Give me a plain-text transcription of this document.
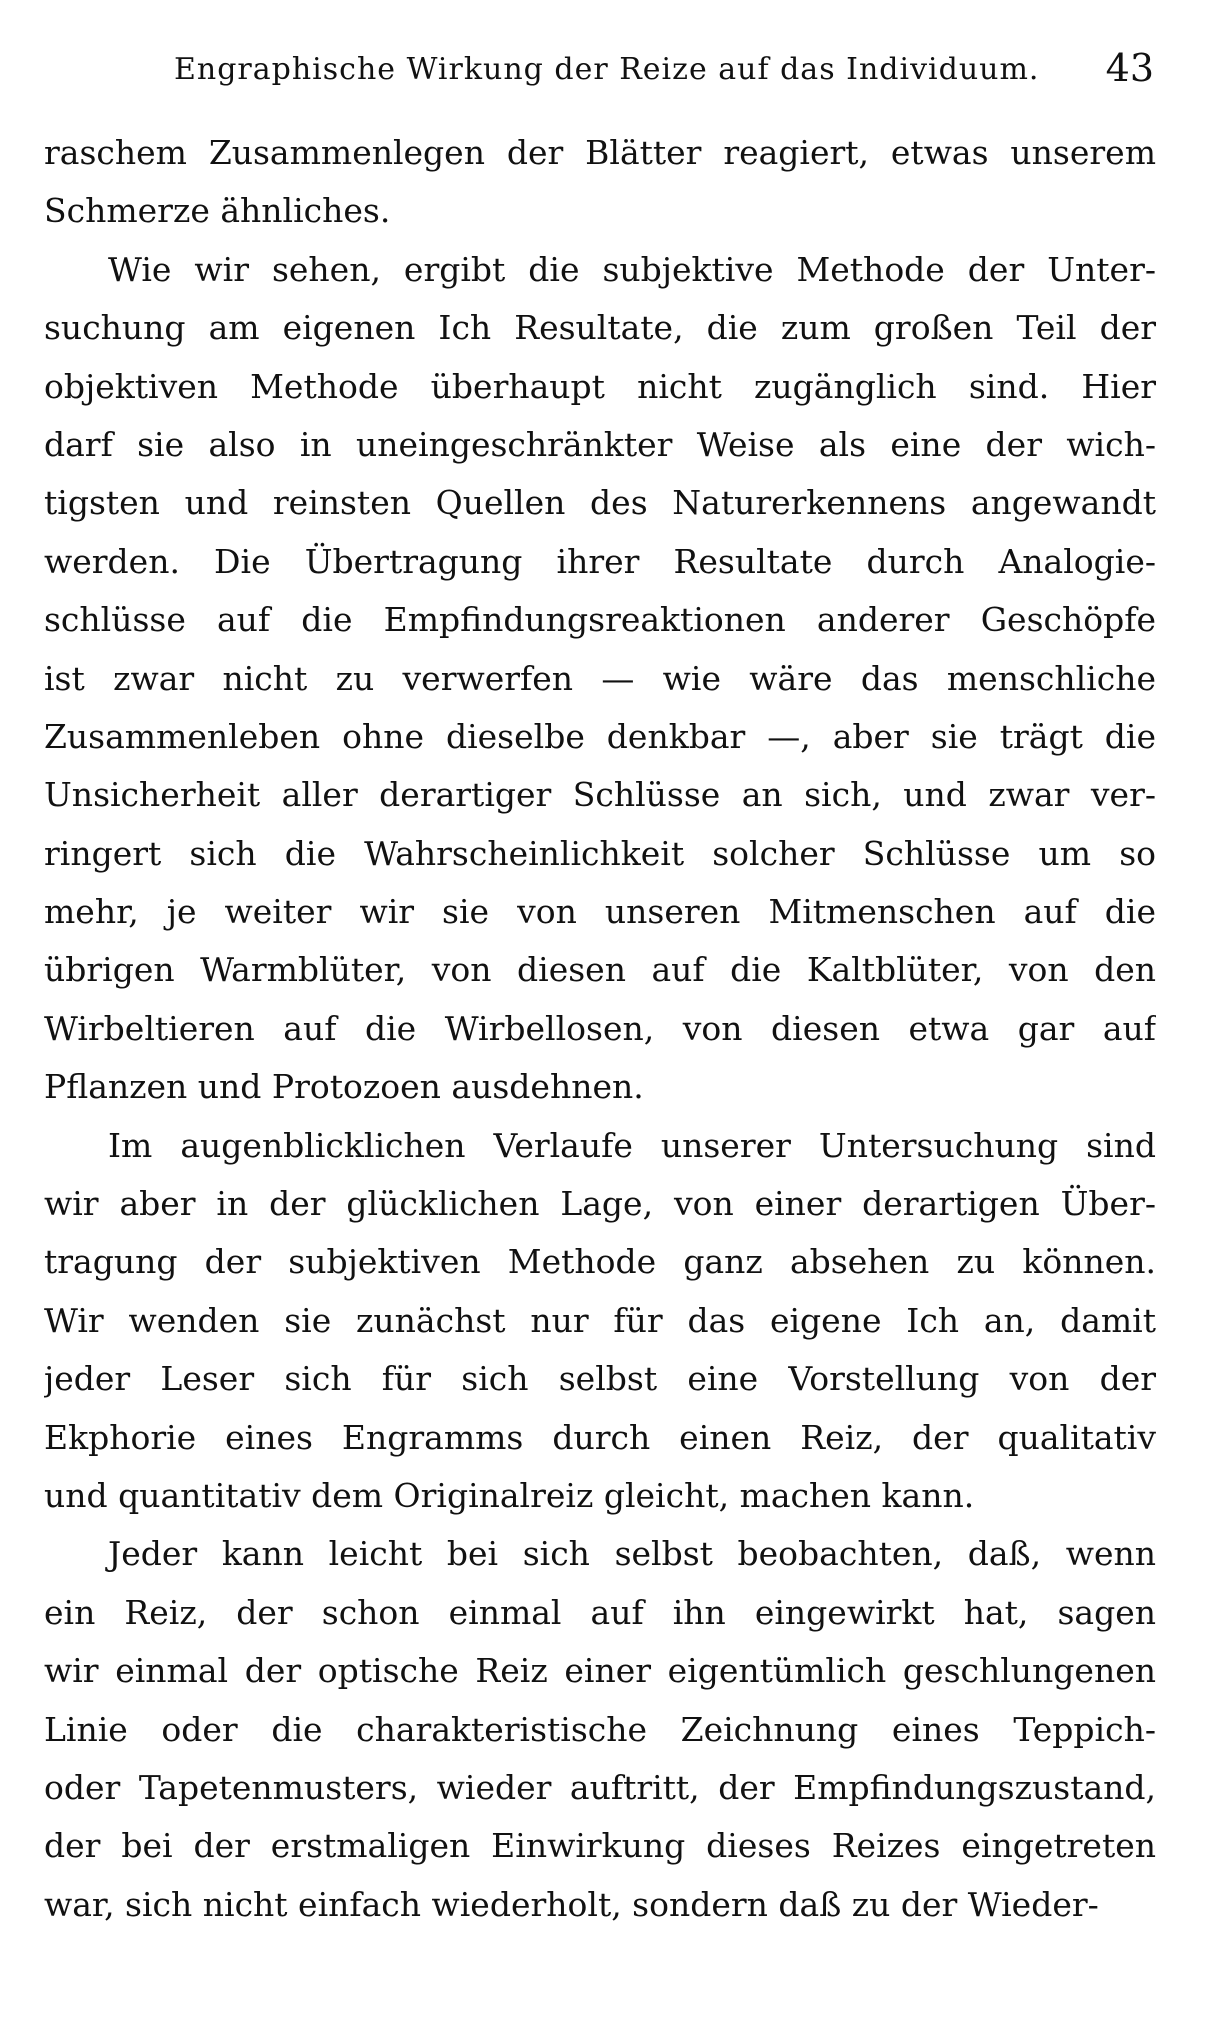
Engraphische Wirkung der Reize auf das Individuum. 43
raschem Zusammenlegen der Blätter reagiert, etwas unserem
Schmerze ähnliches.
Wie wir sehen, ergibt die subjektive Methode der Unter-
suchung am eigenen Ich Resultate, die zum großen Teil der
objektiven Methode überhaupt nicht zugänglich sind. Hier
darf sie also in uneingeschränkter Weise als eine der wich-
tigsten und reinsten Quellen des Naturerkennens angewandt
werden. Die Übertragung ihrer Resultate durch Analogie-
schlüsse auf die Empfindungsreaktionen anderer Geschöpfe
ist zwar nicht zu verwerfen — wie wäre das menschliche
Zusammenleben ohne dieselbe denkbar —, aber sie trägt die
Unsicherheit aller derartiger Schlüsse an sich, und zwar ver-
ringert sich die Wahrscheinlichkeit solcher Schlüsse um so
mehr, je weiter wir sie von unseren Mitmenschen auf die
übrigen Warmblüter, von diesen auf die Kaltblüter, von den
Wirbeltieren auf die Wirbellosen, von diesen etwa gar auf
Pflanzen und Protozoen ausdehnen.
Im augenblicklichen Verlaufe unserer Untersuchung sind
wir aber in der glücklichen Lage, von einer derartigen Über-
tragung der subjektiven Methode ganz absehen zu können.
Wir wenden sie zunächst nur für das eigene Ich an, damit
jeder Leser sich für sich selbst eine Vorstellung von der
Ekphorie eines Engramms durch einen Reiz, der qualitativ
und quantitativ dem Originalreiz gleicht, machen kann.
Jeder kann leicht bei sich selbst beobachten, daß, wenn
ein Reiz, der schon einmal auf ihn eingewirkt hat, sagen
wir einmal der optische Reiz einer eigentümlich geschlungenen
Linie oder die charakteristische Zeichnung eines Teppich-
oder Tapetenmusters, wieder auftritt, der Empfindungszustand,
der bei der erstmaligen Einwirkung dieses Reizes eingetreten
war, sich nicht einfach wiederholt, sondern daß zu der Wieder-
